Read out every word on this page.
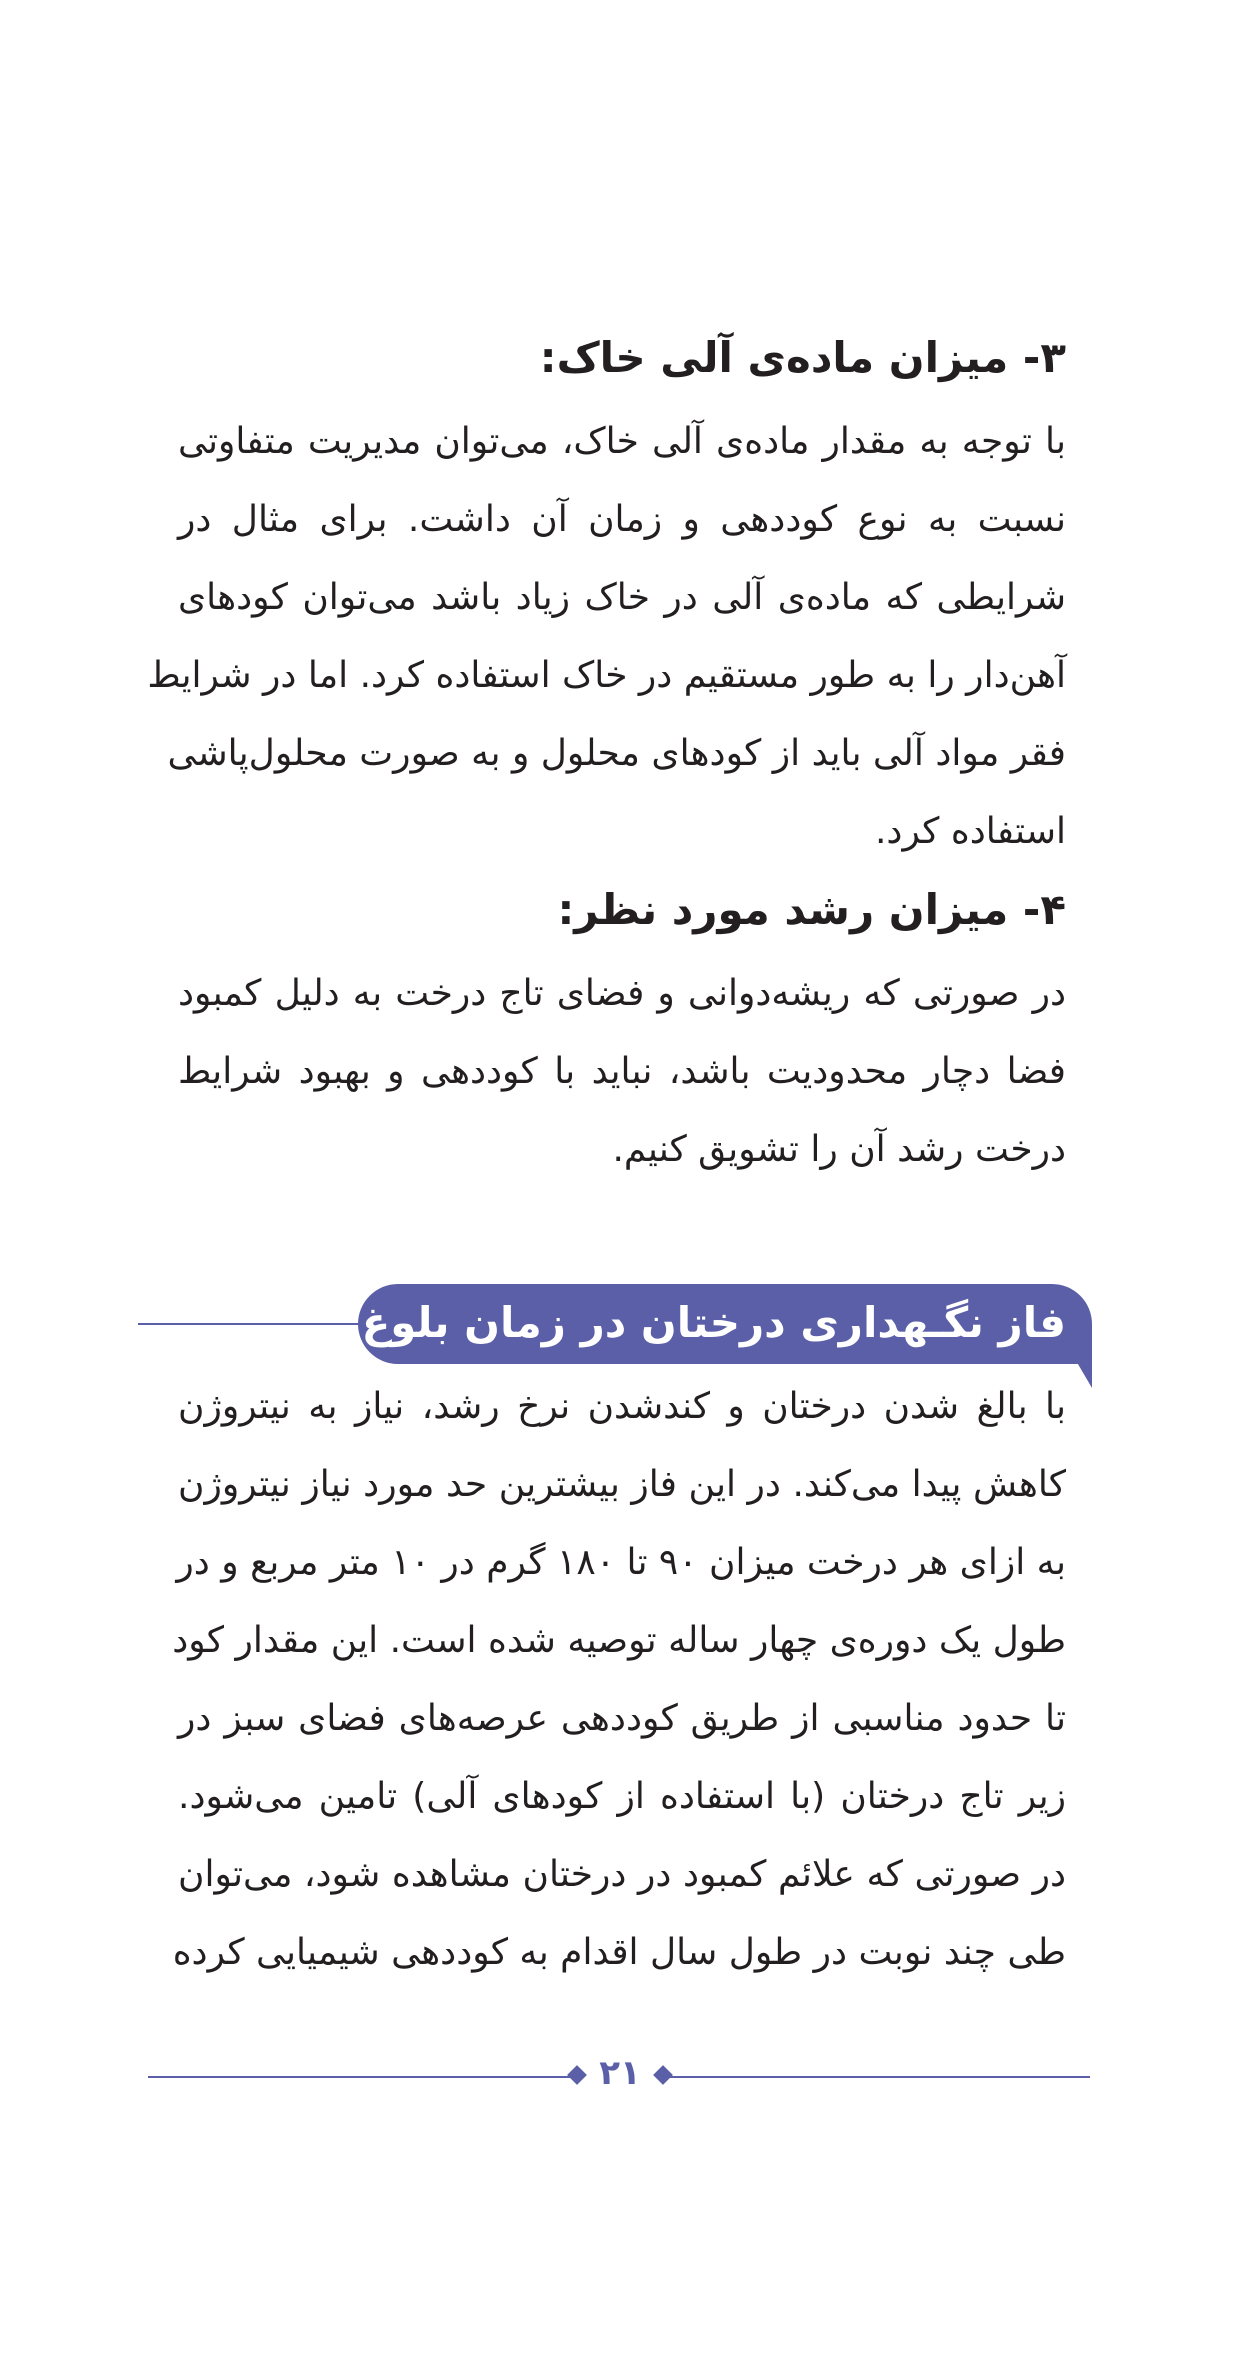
۳- میزان ماده‌ی آلی خاک:
با توجه به مقدار ماده‌ی آلی خاک، می‌توان مدیریت متفاوتی
نسبت به نوع کوددهی و زمان آن داشت. برای مثال در
شرایطی که ماده‌ی آلی در خاک زیاد باشد می‌توان کودهای
آهن‌دار را به طور مستقیم در خاک استفاده کرد. اما در شرایط
فقر مواد آلی باید از کودهای محلول و به صورت محلول‌پاشی
استفاده کرد.
۴- میزان رشد مورد نظر:
در صورتی که ریشه‌دوانی و فضای تاج درخت به دلیل کمبود
فضا دچار محدودیت باشد، نباید با کوددهی و بهبود شرایط
درخت رشد آن را تشویق کنیم.
فاز نگـهداری درختان در زمان بلوغ:
با بالغ شدن درختان و کندشدن نرخ رشد، نیاز به نیتروژن
کاهش پیدا می‌کند. در این فاز بیشترین حد مورد نیاز نیتروژن
به ازای هر درخت میزان ۹۰ تا ۱۸۰ گرم در ۱۰ متر مربع و در
طول یک دوره‌ی چهار ساله توصیه شده است. این مقدار کود
تا حدود مناسبی از طریق کوددهی عرصه‌های فضای سبز در
زیر تاج درختان (با استفاده از کودهای آلی) تامین می‌شود.
در صورتی که علائم کمبود در درختان مشاهده شود، می‌توان
طی چند نوبت در طول سال اقدام به کوددهی شیمیایی کرده
۲۱
